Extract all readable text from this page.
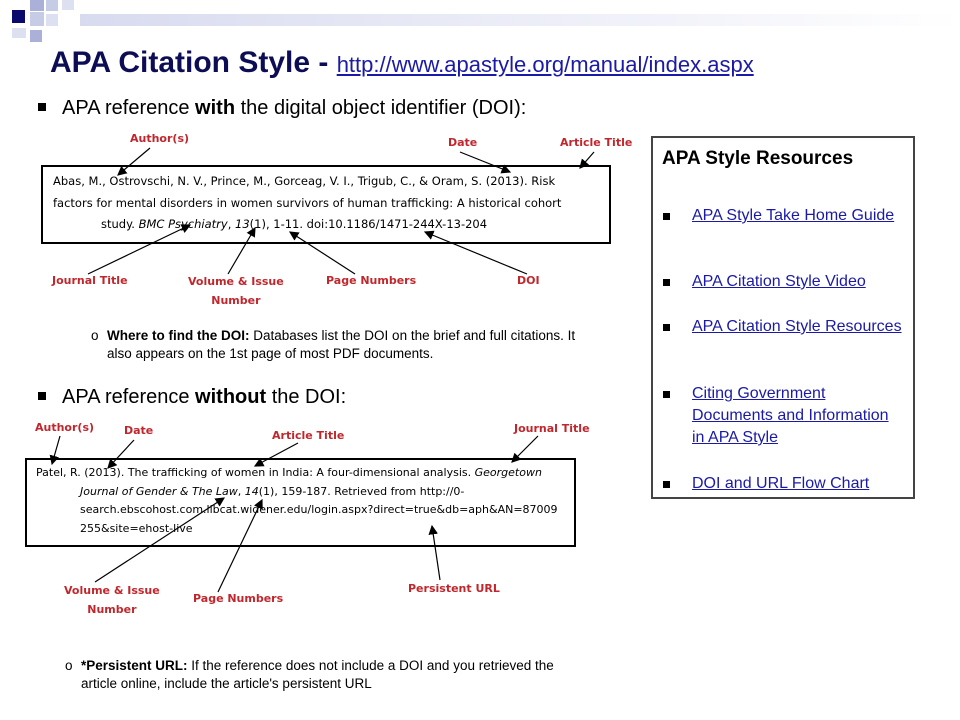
APA Citation Style - http://www.apastyle.org/manual/index.aspx
APA reference with the digital object identifier (DOI):

Abas, M., Ostrovschi, N. V., Prince, M., Gorceag, V. I., Trigub, C., & Oram, S. (2013). Risk

factors for mental disorders in women survivors of human trafficking: A historical cohort

study. BMC Psychiatry, 13(1), 1-11. doi:10.1186/1471-244X-13-204

Author(s)	Date	Article Title
Journal Title	Volume & Issue
Number
Page Numbers	DOI
o Where to find the DOI: Databases list the DOI on the brief and full citations. It also appears on the 1st page of most PDF documents.
APA reference without the DOI:

Patel, R. (2013). The trafficking of women in India: A four-dimensional analysis. Georgetown

Journal of Gender & The Law, 14(1), 159-187. Retrieved from http://0-

search.ebscohost.com.libcat.widener.edu/login.aspx?direct=true&db=aph&AN=87009

255&site=ehost-live

Author(s)	Date	Article Title
Journal Title
Volume & Issue
Number
Page Numbers
Persistent URL
o *Persistent URL: If the reference does not include a DOI and you retrieved the article online, include the article's persistent URL
APA Style Resources
APA Style Take Home Guide
APA Citation Style Video
APA Citation Style Resources
Citing Government Documents and Information in APA Style
DOI and URL Flow Chart
